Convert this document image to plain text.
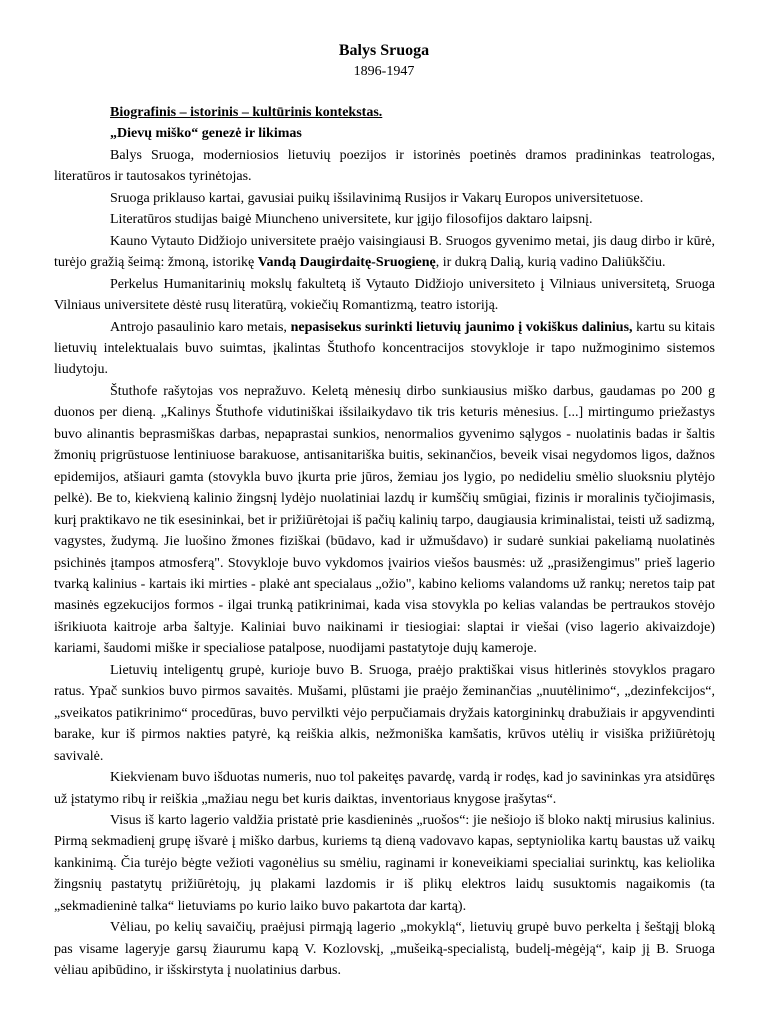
Balys Sruoga
1896-1947

Biografinis – istorinis – kultūrinis kontekstas.

„Dievų miško“ genezė ir likimas

Balys Sruoga, moderniosios lietuvių poezijos ir istorinės poetinės dramos pradininkas teatrologas, literatūros ir tautosakos tyrinėtojas.

Sruoga priklauso kartai, gavusiai puikų išsilavinimą Rusijos ir Vakarų Europos universitetuose.

Literatūros studijas baigė Miuncheno universitete, kur įgijo filosofijos daktaro laipsnį.

Kauno Vytauto Didžiojo universitete praėjo vaisingiausi B. Sruogos gyvenimo metai, jis daug dirbo ir kūrė, turėjo gražią šeimą: žmoną, istorikę Vandą Daugirdaitę-Sruogienę, ir dukrą Dalią, kurią vadino Daliūkščiu.

Perkelus Humanitarinių mokslų fakultetą iš Vytauto Didžiojo universiteto į Vilniaus universitetą, Sruoga Vilniaus universitete dėstė rusų literatūrą, vokiečių Romantizmą, teatro istoriją.

Antrojo pasaulinio karo metais, nepasisekus surinkti lietuvių jaunimo į vokiškus dalinius, kartu su kitais lietuvių intelektualais buvo suimtas, įkalintas Štuthofo koncentracijos stovykloje ir tapo nužmoginimo sistemos liudytoju.

Štuthofe rašytojas vos nepražuvo. Keletą mėnesių dirbo sunkiausius miško darbus, gaudamas po 200 g duonos per dieną. „Kalinys Štuthofe vidutiniškai išsilaikydavo tik tris keturis mėnesius. [...] mirtingumo priežastys buvo alinantis beprasmiškas darbas, nepaprastai sunkios, nenormalios gyvenimo sąlygos - nuolatinis badas ir šaltis žmonių prigrūstuose lentiniuose barakuose, antisanitariška buitis, sekinančios, beveik visai negydomos ligos, dažnos epidemijos, atšiauri gamta (stovykla buvo įkurta prie jūros, žemiau jos lygio, po nedideliu smėlio sluoksniu plytėjo pelkė). Be to, kiekvieną kalinio žingsnį lydėjo nuolatiniai lazdų ir kumščių smūgiai, fizinis ir moralinis tyčiojimasis, kurį praktikavo ne tik esesininkai, bet ir prižiūrėtojai iš pačių kalinių tarpo, daugiausia kriminalistai, teisti už sadizmą, vagystes, žudymą. Jie luošino žmones fiziškai (būdavo, kad ir užmušdavo) ir sudarė sunkiai pakeliamą nuolatinės psichinės įtampos atmosferą". Stovykloje buvo vykdomos įvairios viešos bausmės: už „prasižengimus" prieš lagerio tvarką kalinius - kartais iki mirties - plakė ant specialaus „ožio", kabino kelioms valandoms už rankų; neretos taip pat masinės egzekucijos formos - ilgai trunką patikrinimai, kada visa stovykla po kelias valandas be pertraukos stovėjo išrikiuota kaitroje arba šaltyje. Kaliniai buvo naikinami ir tiesiogiai: slaptai ir viešai (viso lagerio akivaizdoje) kariami, šaudomi miške ir specialiose patalpose, nuodijami pastatytoje dujų kameroje.

Lietuvių inteligentų grupė, kurioje buvo B. Sruoga, praėjo praktiškai visus hitlerinės stovyklos pragaro ratus. Ypač sunkios buvo pirmos savaitės. Mušami, plūstami jie praėjo žeminančias „nuutėlinimo“, „dezinfekcijos“, „sveikatos patikrinimo“ procedūras, buvo pervilkti vėjo perpučiamais dryžais katorgininkų drabužiais ir apgyvendinti barake, kur iš pirmos nakties patyrė, ką reiškia alkis, nežmoniška kamšatis, krūvos utėlių ir visiška prižiūrėtojų savivalė.

Kiekvienam buvo išduotas numeris, nuo tol pakeitęs pavardę, vardą ir rodęs, kad jo savininkas yra atsidūręs už įstatymo ribų ir reiškia „mažiau negu bet kuris daiktas, inventoriaus knygose įrašytas“.

Visus iš karto lagerio valdžia pristatė prie kasdieninės „ruošos“: jie nešiojo iš bloko naktį mirusius kalinius. Pirmą sekmadienį grupę išvarė į miško darbus, kuriems tą dieną vadovavo kapas, septyniolika kartų baustas už vaikų kankinimą. Čia turėjo bėgte vežioti vagonėlius su smėliu, raginami ir koneveikiami specialiai surinktų, kas keliolika žingsnių pastatytų prižiūrėtojų, jų plakami lazdomis ir iš plikų elektros laidų susuktomis nagaikomis (ta „sekmadieninė talka“ lietuviams po kurio laiko buvo pakartota dar kartą).

Vėliau, po kelių savaičių, praėjusi pirmąją lagerio „mokyklą“, lietuvių grupė buvo perkelta į šeštąjį bloką pas visame lageryje garsų žiaurumu kapą V. Kozlovskį, „mušeiką-specialistą, budelį-mėgėją“, kaip jį B. Sruoga vėliau apibūdino, ir išskirstyta į nuolatinius darbus.
